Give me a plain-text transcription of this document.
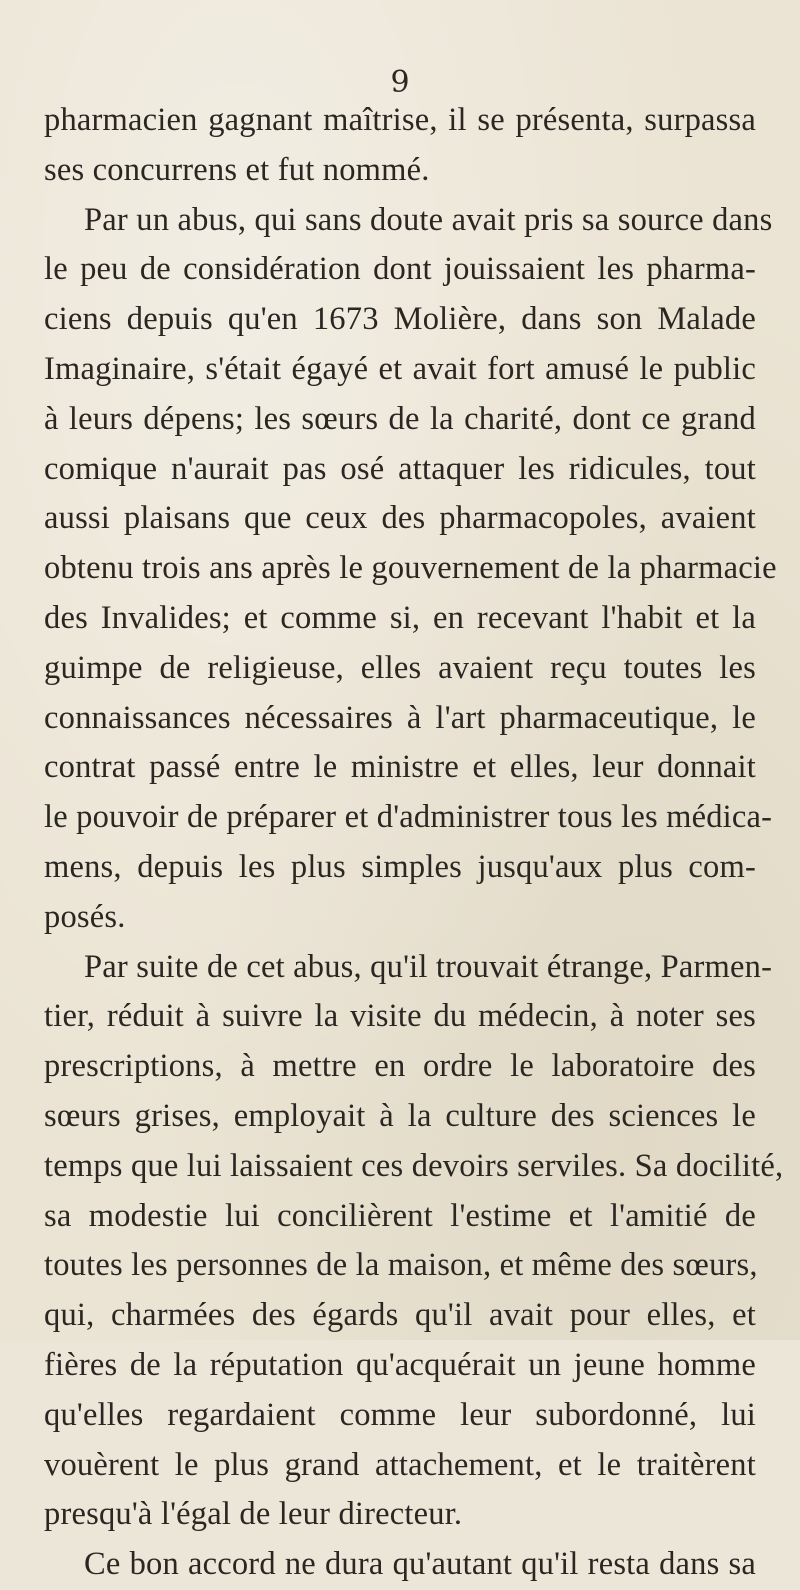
9
pharmacien gagnant maîtrise, il se présenta, surpassa
ses concurrens et fut nommé.
Par un abus, qui sans doute avait pris sa source dans
le peu de considération dont jouissaient les pharma-
ciens depuis qu'en 1673 Molière, dans son Malade
Imaginaire, s'était égayé et avait fort amusé le public
à leurs dépens; les sœurs de la charité, dont ce grand
comique n'aurait pas osé attaquer les ridicules, tout
aussi plaisans que ceux des pharmacopoles, avaient
obtenu trois ans après le gouvernement de la pharmacie
des Invalides; et comme si, en recevant l'habit et la
guimpe de religieuse, elles avaient reçu toutes les
connaissances nécessaires à l'art pharmaceutique, le
contrat passé entre le ministre et elles, leur donnait
le pouvoir de préparer et d'administrer tous les médica-
mens, depuis les plus simples jusqu'aux plus com-
posés.
Par suite de cet abus, qu'il trouvait étrange, Parmen-
tier, réduit à suivre la visite du médecin, à noter ses
prescriptions, à mettre en ordre le laboratoire des
sœurs grises, employait à la culture des sciences le
temps que lui laissaient ces devoirs serviles. Sa docilité,
sa modestie lui concilièrent l'estime et l'amitié de
toutes les personnes de la maison, et même des sœurs,
qui, charmées des égards qu'il avait pour elles, et
fières de la réputation qu'acquérait un jeune homme
qu'elles regardaient comme leur subordonné, lui
vouèrent le plus grand attachement, et le traitèrent
presqu'à l'égal de leur directeur.
Ce bon accord ne dura qu'autant qu'il resta dans sa
